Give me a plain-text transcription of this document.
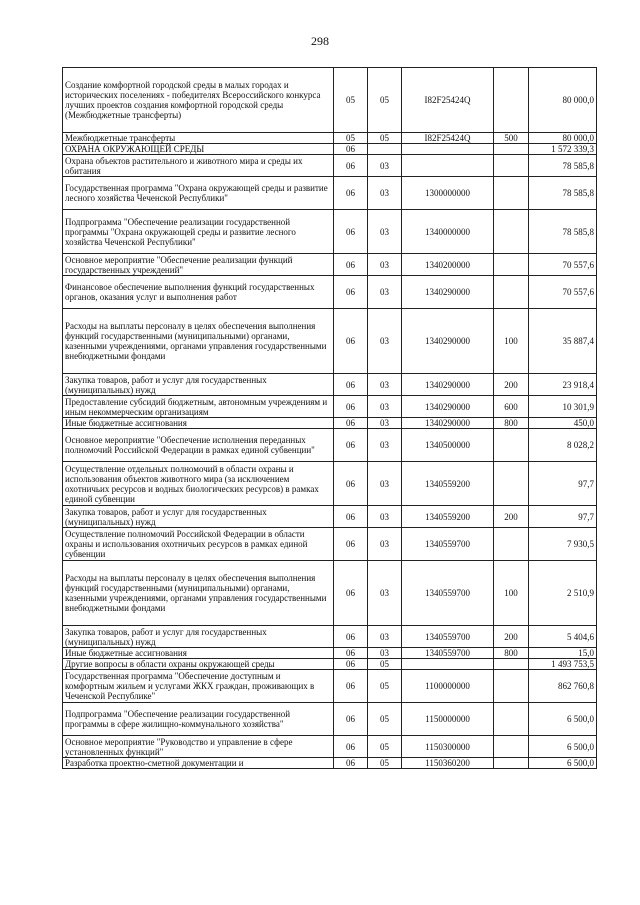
298
Создание комфортной городской среды в малых городах и исторических поселениях - победителях Всероссийского конкурса лучших проектов создания комфортной городской среды (Межбюджетные трансферты)	05	05	I82F25424Q		80 000,0
Межбюджетные трансферты	05	05	I82F25424Q	500	80 000,0
ОХРАНА ОКРУЖАЮЩЕЙ СРЕДЫ	06				1 572 339,3
Охрана объектов растительного и животного мира и среды их обитания	06	03			78 585,8
Государственная программа "Охрана окружающей среды и развитие лесного хозяйства Чеченской Республики"	06	03	1300000000		78 585,8
Подпрограмма "Обеспечение реализации государственной программы "Охрана окружающей среды и развитие лесного хозяйства Чеченской Республики"	06	03	1340000000		78 585,8
Основное мероприятие "Обеспечение реализации функций государственных учреждений"	06	03	1340200000		70 557,6
Финансовое обеспечение выполнения функций государственных органов, оказания услуг и выполнения работ	06	03	1340290000		70 557,6
Расходы на выплаты персоналу в целях обеспечения выполнения функций государственными (муниципальными) органами, казенными учреждениями, органами управления государственными внебюджетными фондами	06	03	1340290000	100	35 887,4
Закупка товаров, работ и услуг для государственных (муниципальных) нужд	06	03	1340290000	200	23 918,4
Предоставление субсидий бюджетным, автономным учреждениям и иным некоммерческим организациям	06	03	1340290000	600	10 301,9
Иные бюджетные ассигнования	06	03	1340290000	800	450,0
Основное мероприятие "Обеспечение исполнения переданных полномочий Российской Федерации в рамках единой субвенции"	06	03	1340500000		8 028,2
Осуществление отдельных полномочий в области охраны и использования объектов животного мира (за исключением охотничьих ресурсов и водных биологических ресурсов) в рамках единой субвенции	06	03	1340559200		97,7
Закупка товаров, работ и услуг для государственных (муниципальных) нужд	06	03	1340559200	200	97,7
Осуществление полномочий Российской Федерации в области охраны и использования охотничьих ресурсов в рамках единой субвенции	06	03	1340559700		7 930,5
Расходы на выплаты персоналу в целях обеспечения выполнения функций государственными (муниципальными) органами, казенными учреждениями, органами управления государственными внебюджетными фондами	06	03	1340559700	100	2 510,9
Закупка товаров, работ и услуг для государственных (муниципальных) нужд	06	03	1340559700	200	5 404,6
Иные бюджетные ассигнования	06	03	1340559700	800	15,0
Другие вопросы в области охраны окружающей среды	06	05			1 493 753,5
Государственная программа "Обеспечение доступным и комфортным жильем и услугами ЖКХ граждан, проживающих в Чеченской Республике"	06	05	1100000000		862 760,8
Подпрограмма "Обеспечение реализации государственной программы в сфере жилищно-коммунального хозяйства"	06	05	1150000000		6 500,0
Основное мероприятие "Руководство и управление в сфере установленных функций"	06	05	1150300000		6 500,0
Разработка проектно-сметной документации и	06	05	1150360200		6 500,0
